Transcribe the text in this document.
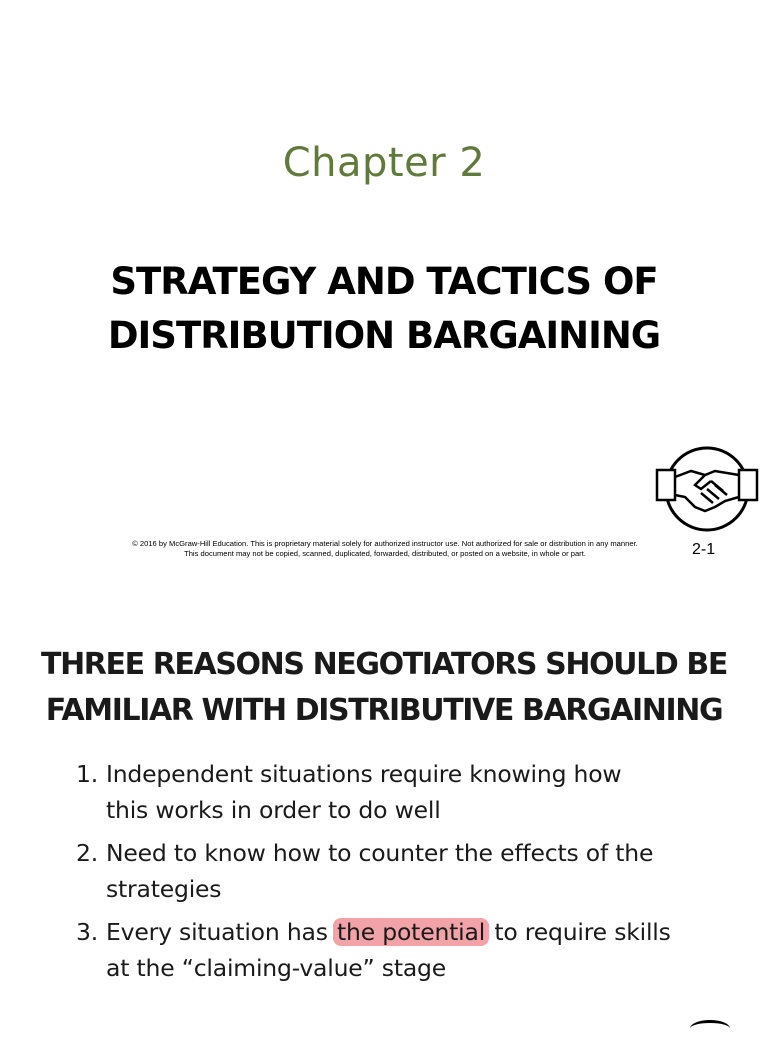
Chapter 2
STRATEGY AND TACTICS OF
DISTRIBUTION BARGAINING
© 2016 by McGraw-Hill Education. This is proprietary material solely for authorized instructor use. Not authorized for sale or distribution in any manner.
This document may not be copied, scanned, duplicated, forwarded, distributed, or posted on a website, in whole or part.	2-1
THREE REASONS NEGOTIATORS SHOULD BE
FAMILIAR WITH DISTRIBUTIVE BARGAINING
1. Independent situations require knowing how
this works in order to do well
2. Need to know how to counter the effects of the
strategies
3. Every situation has the potential to require skills
at the “claiming-value” stage
